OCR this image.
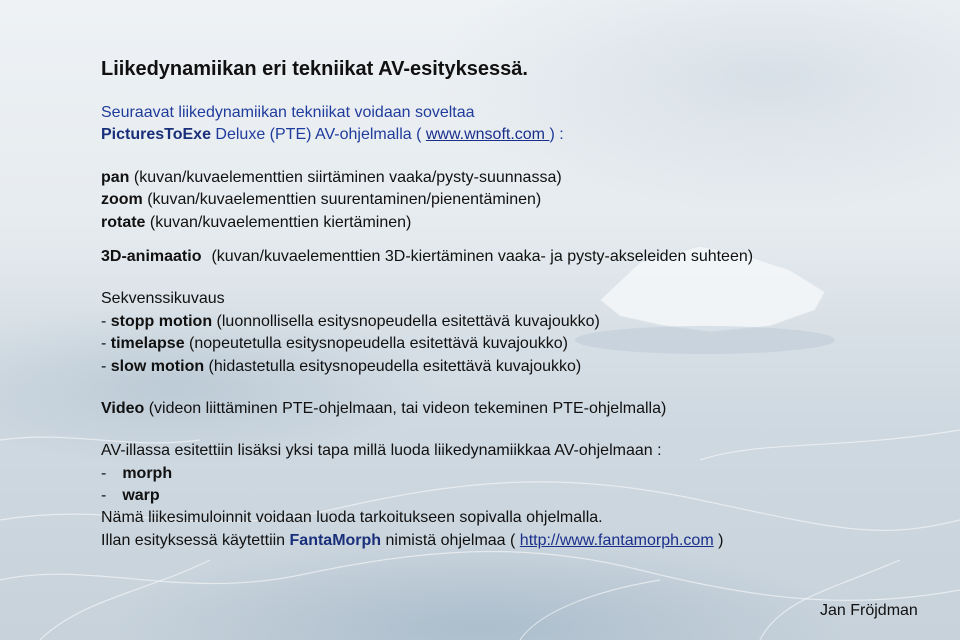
Liikedynamiikan eri tekniikat AV-esityksessä.
Seuraavat liikedynamiikan tekniikat voidaan soveltaa
PicturesToExe Deluxe (PTE) AV-ohjelmalla ( www.wnsoft.com ) :
pan (kuvan/kuvaelementtien siirtäminen vaaka/pysty-suunnassa)
zoom (kuvan/kuvaelementtien suurentaminen/pienentäminen)
rotate (kuvan/kuvaelementtien kiertäminen)
3D-animaatio (kuvan/kuvaelementtien 3D-kiertäminen vaaka- ja pysty-akseleiden suhteen)
Sekvenssikuvaus
- stopp motion (luonnollisella esitysnopeudella esitettävä kuvajoukko)
- timelapse (nopeutetulla esitysnopeudella esitettävä kuvajoukko)
- slow motion (hidastetulla esitysnopeudella esitettävä kuvajoukko)
Video (videon liittäminen PTE-ohjelmaan, tai videon tekeminen PTE-ohjelmalla)
AV-illassa esitettiin lisäksi yksi tapa millä luoda liikedynamiikkaa AV-ohjelmaan :
- morph
- warp
Nämä liikesimuloinnit voidaan luoda tarkoitukseen sopivalla ohjelmalla.
Illan esityksessä käytettiin FantaMorph nimistä ohjelmaa ( http://www.fantamorph.com )
Jan Fröjdman
